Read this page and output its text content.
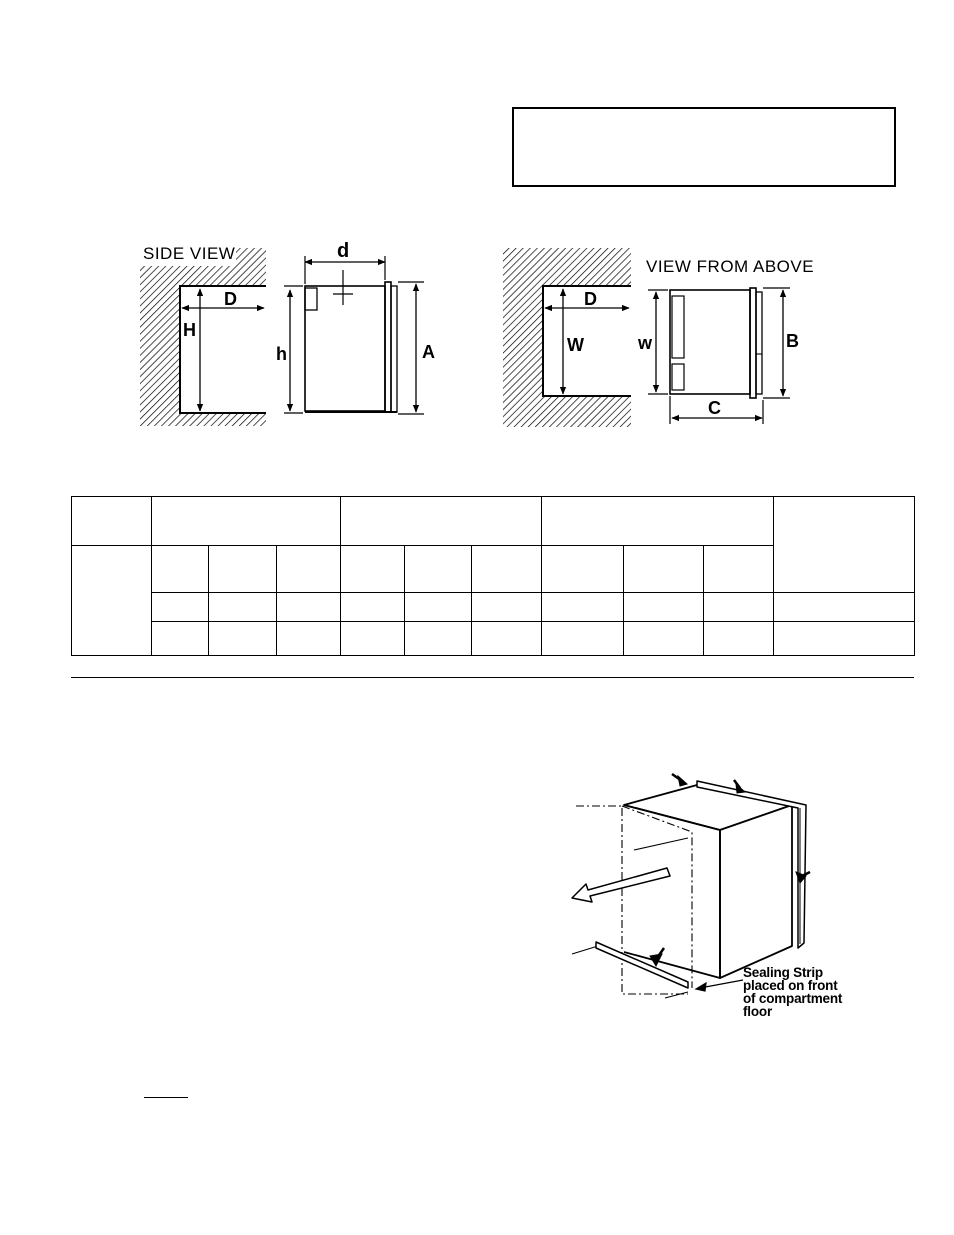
SIDE VIEW	d
D
H
h	A
VIEW FROM ABOVE
D
W	w	B
C

Sealing Strip
placed on front
of compartment
floor
